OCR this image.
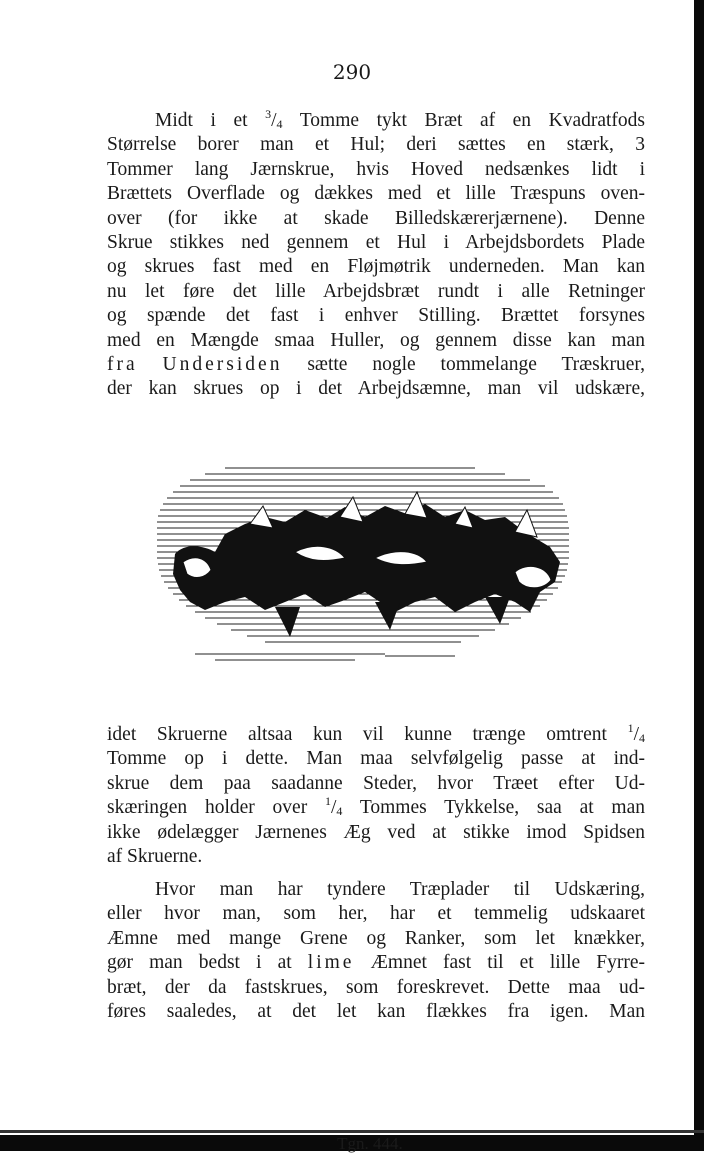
290
Midt i et $^3/_4$ Tomme tykt Bræt af en Kvadratfods
Størrelse borer man et Hul; deri sættes en stærk, 3
Tommer lang Jærnskrue, hvis Hoved nedsænkes lidt i
Brættets Overflade og dækkes med et lille Træspuns oven-
over (for ikke at skade Billedskærerjærnene). Denne
Skrue stikkes ned gennem et Hul i Arbejdsbordets Plade
og skrues fast med en Fløjmøtrik underneden. Man kan
nu let føre det lille Arbejdsbræt rundt i alle Retninger
og spænde det fast i enhver Stilling. Brættet forsynes
med en Mængde smaa Huller, og gennem disse kan man
fra Undersiden sætte nogle tommelange Træskruer,
der kan skrues op i det Arbejdsæmne, man vil udskære,
Tgn. 444.
idet Skruerne altsaa kun vil kunne trænge omtrent $^1/_4$
Tomme op i dette. Man maa selvfølgelig passe at ind-
skrue dem paa saadanne Steder, hvor Træet efter Ud-
skæringen holder over $^1/_4$ Tommes Tykkelse, saa at man
ikke ødelægger Jærnenes Æg ved at stikke imod Spidsen
af Skruerne.
Hvor man har tyndere Træplader til Udskæring,
eller hvor man, som her, har et temmelig udskaaret
Æmne med mange Grene og Ranker, som let knækker,
gør man bedst i at lime Æmnet fast til et lille Fyrre-
bræt, der da fastskrues, som foreskrevet. Dette maa ud-
føres saaledes, at det let kan flækkes fra igen. Man
